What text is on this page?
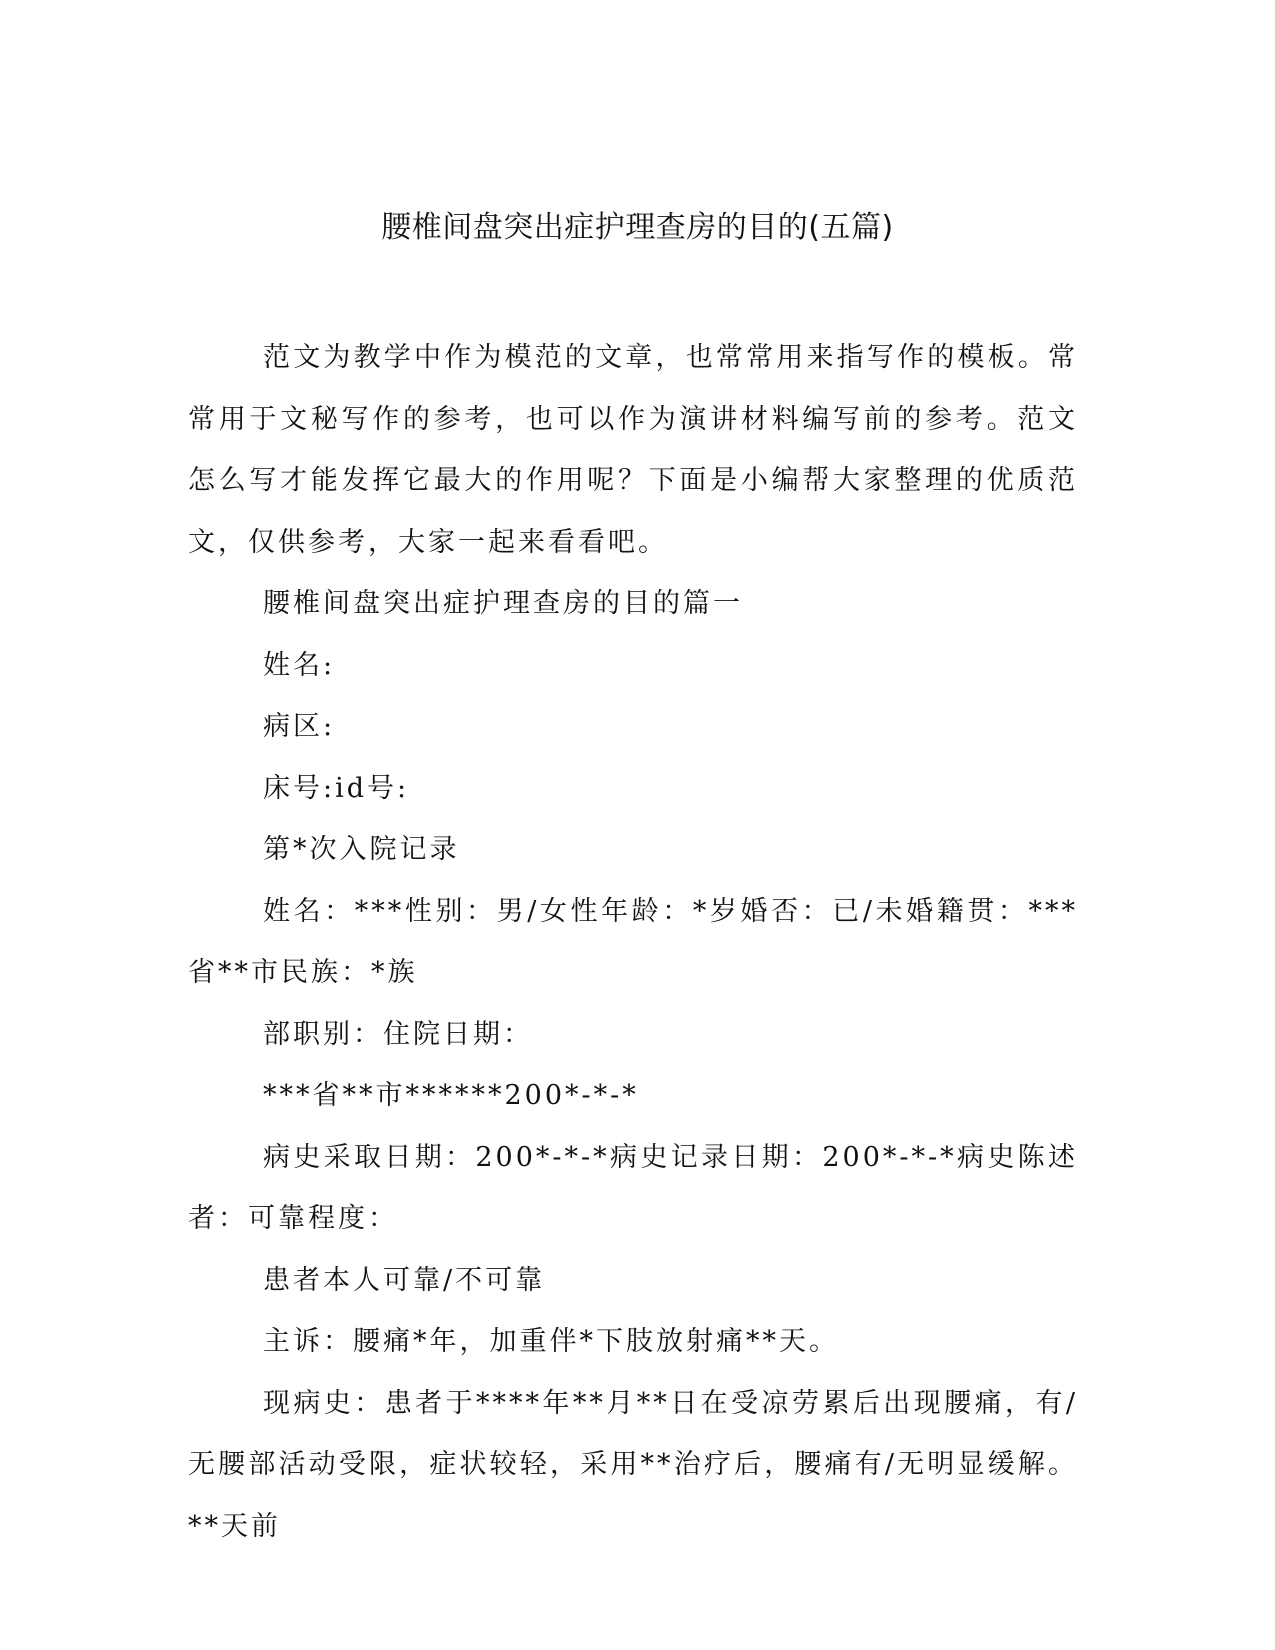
腰椎间盘突出症护理查房的目的(五篇)

范文为教学中作为模范的文章，也常常用来指写作的模板。常常用于文秘写作的参考，也可以作为演讲材料编写前的参考。范文怎么写才能发挥它最大的作用呢？下面是小编帮大家整理的优质范文，仅供参考，大家一起来看看吧。

腰椎间盘突出症护理查房的目的篇一

姓名:

病区:

床号:id号:

第*次入院记录

姓名：***性别：男/女性年龄：*岁婚否：已/未婚籍贯：***省**市民族：*族

部职别：住院日期：

***省**市******200*-*-*

病史采取日期：200*-*-*病史记录日期：200*-*-*病史陈述者：可靠程度：

患者本人可靠/不可靠

主诉：腰痛*年，加重伴*下肢放射痛**天。

现病史：患者于****年**月**日在受凉劳累后出现腰痛，有/无腰部活动受限，症状较轻，采用**治疗后，腰痛有/无明显缓解。**天前
